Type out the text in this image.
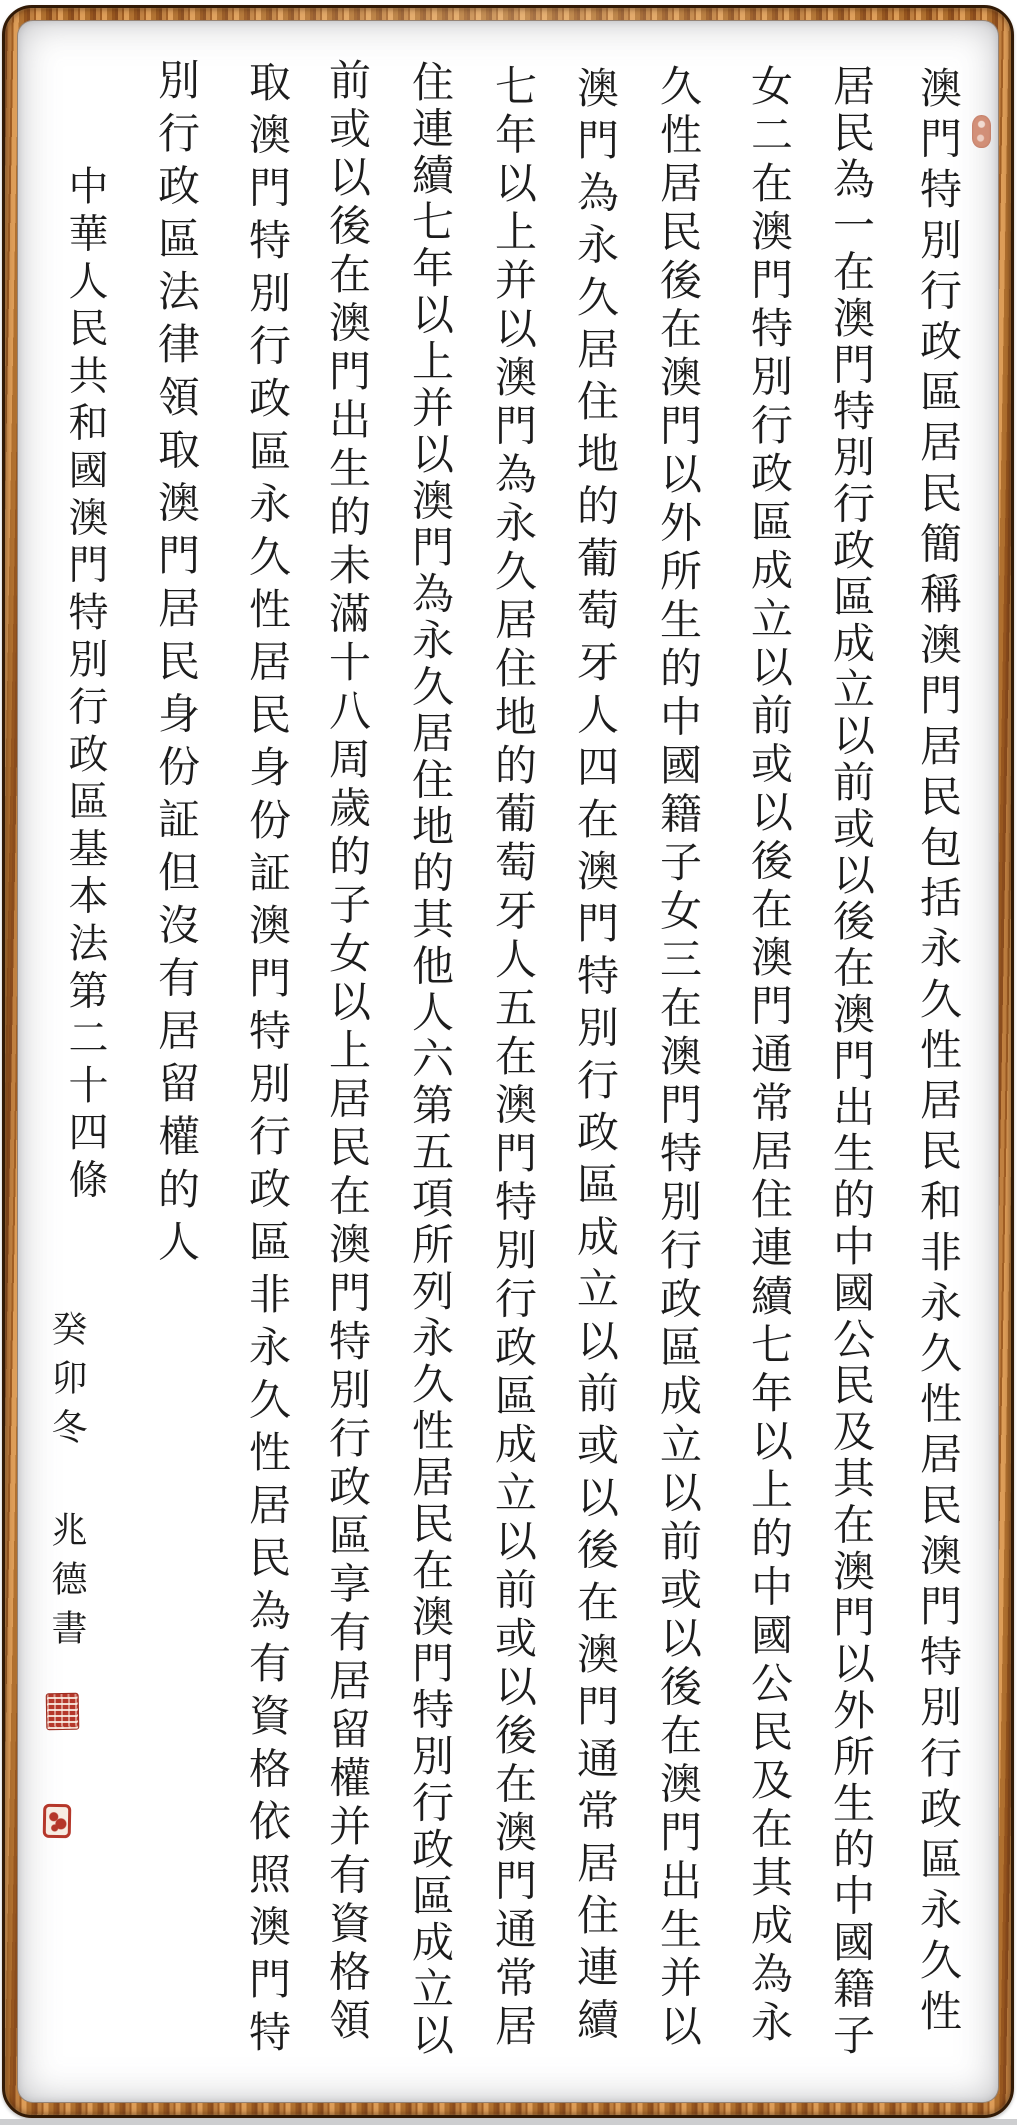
澳門特別行政區居民簡稱澳門居民包括永久性居民和非永久性居民澳門特別行政區永久性
居民為一在澳門特別行政區成立以前或以後在澳門出生的中國公民及其在澳門以外所生的中國籍子
女二在澳門特別行政區成立以前或以後在澳門通常居住連續七年以上的中國公民及在其成為永
久性居民後在澳門以外所生的中國籍子女三在澳門特別行政區成立以前或以後在澳門出生并以
澳門為永久居住地的葡萄牙人四在澳門特別行政區成立以前或以後在澳門通常居住連續
七年以上并以澳門為永久居住地的葡萄牙人五在澳門特別行政區成立以前或以後在澳門通常居
住連續七年以上并以澳門為永久居住地的其他人六第五項所列永久性居民在澳門特別行政區成立以
前或以後在澳門出生的未滿十八周歲的子女以上居民在澳門特別行政區享有居留權并有資格領
取澳門特別行政區永久性居民身份証澳門特別行政區非永久性居民為有資格依照澳門特
別行政區法律領取澳門居民身份証但沒有居留權的人
中華人民共和國澳門特別行政區基本法第二十四條
癸卯冬 兆德書
